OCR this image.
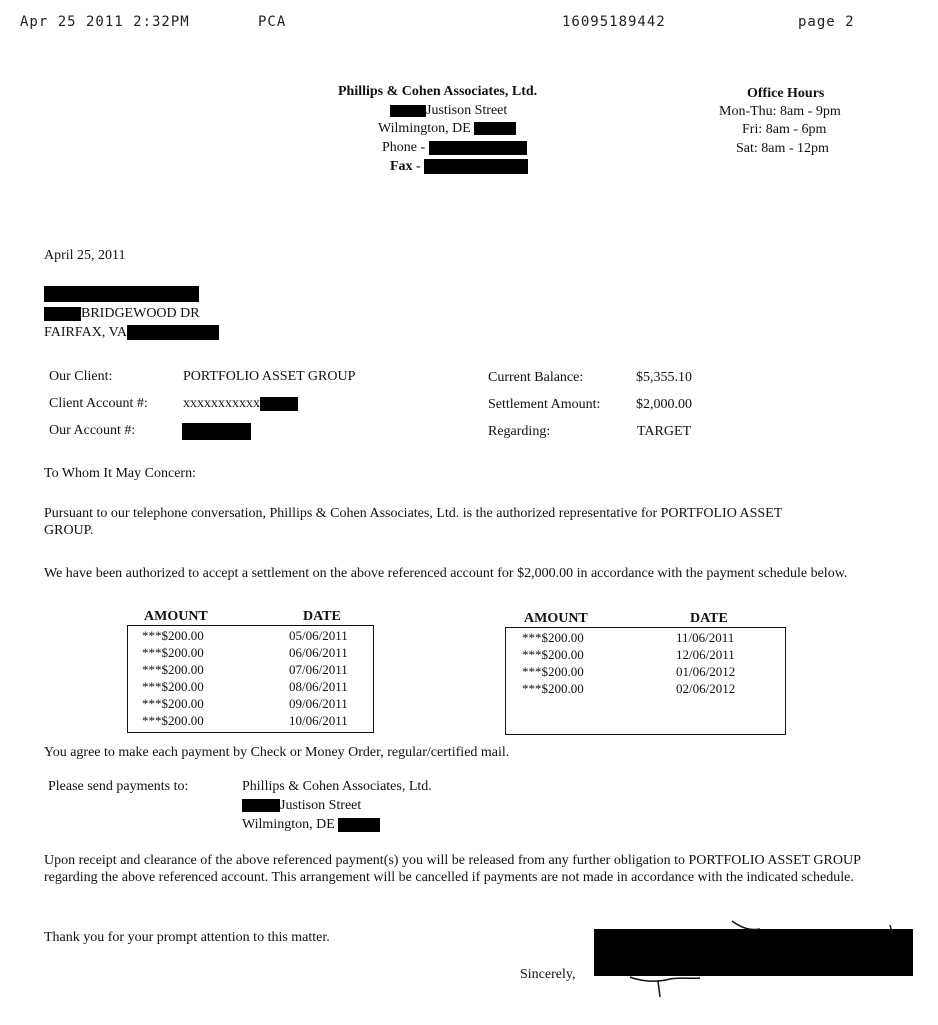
Apr 25 2011 2:32PM	PCA	16095189442	page 2
Phillips & Cohen Associates, Ltd.
Justison Street
Wilmington, DE
Phone -
Fax -
Office Hours
Mon-Thu: 8am - 9pm
Fri: 8am - 6pm
Sat: 8am - 12pm
April 25, 2011
BRIDGEWOOD DR
FAIRFAX, VA
Our Client:	PORTFOLIO ASSET GROUP
Client Account #:	xxxxxxxxxxx
Our Account #:
Current Balance:	$5,355.10
Settlement Amount:	$2,000.00
Regarding:	TARGET
To Whom It May Concern:
Pursuant to our telephone conversation, Phillips & Cohen Associates, Ltd. is the authorized representative for PORTFOLIO ASSET GROUP.
We have been authorized to accept a settlement on the above referenced account for $2,000.00 in accordance with the payment schedule below.
AMOUNT	DATE
***$200.00	05/06/2011
***$200.00	06/06/2011
***$200.00	07/06/2011
***$200.00	08/06/2011
***$200.00	09/06/2011
***$200.00	10/06/2011
AMOUNT	DATE
***$200.00	11/06/2011
***$200.00	12/06/2011
***$200.00	01/06/2012
***$200.00	02/06/2012
You agree to make each payment by Check or Money Order, regular/certified mail.
Please send payments to:	Phillips & Cohen Associates, Ltd.
Justison Street
Wilmington, DE
Upon receipt and clearance of the above referenced payment(s) you will be released from any further obligation to PORTFOLIO ASSET GROUP regarding the above referenced account. This arrangement will be cancelled if payments are not made in accordance with the indicated schedule.
Thank you for your prompt attention to this matter.
Sincerely,
